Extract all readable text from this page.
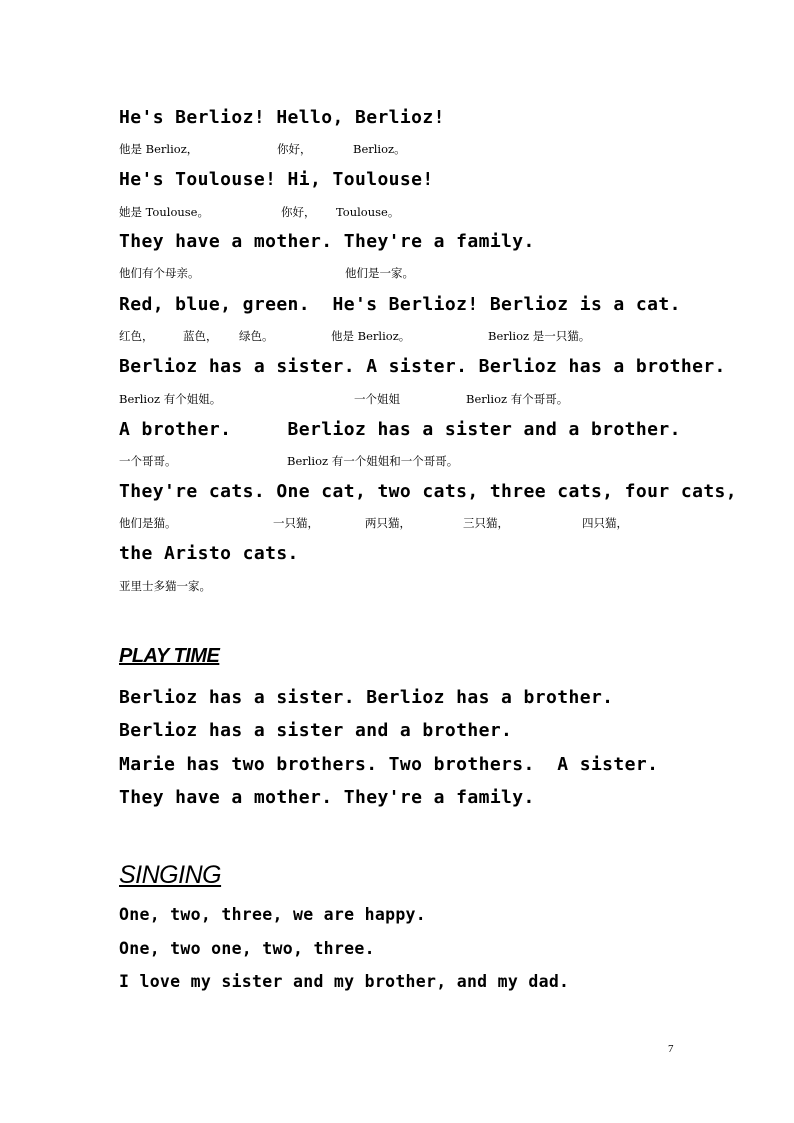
He's Berlioz! Hello, Berlioz!
他是 Berlioz，	你好，	Berlioz。
He's Toulouse! Hi, Toulouse!
她是 Toulouse。	你好， Toulouse。
They have a mother. They're a family.
他们有个母亲。	他们是一家。
Red, blue, green.  He's Berlioz! Berlioz is a cat.
红色，	蓝色， 绿色。	他是 Berlioz。	Berlioz 是一只猫。
Berlioz has a sister. A sister. Berlioz has a brother.
Berlioz 有个姐姐。	一个姐姐	Berlioz 有个哥哥。
A brother.     Berlioz has a sister and a brother.
一个哥哥。	Berlioz 有一个姐姐和一个哥哥。
They're cats. One cat, two cats, three cats, four cats,
他们是猫。	一只猫，	两只猫，	三只猫，	四只猫，
the Aristo cats.
亚里士多猫一家。
PLAY TIME
Berlioz has a sister. Berlioz has a brother.
Berlioz has a sister and a brother.
Marie has two brothers. Two brothers.  A sister.
They have a mother. They're a family.
SINGING
One, two, three, we are happy.
One, two one, two, three.
I love my sister and my brother, and my dad.
7
